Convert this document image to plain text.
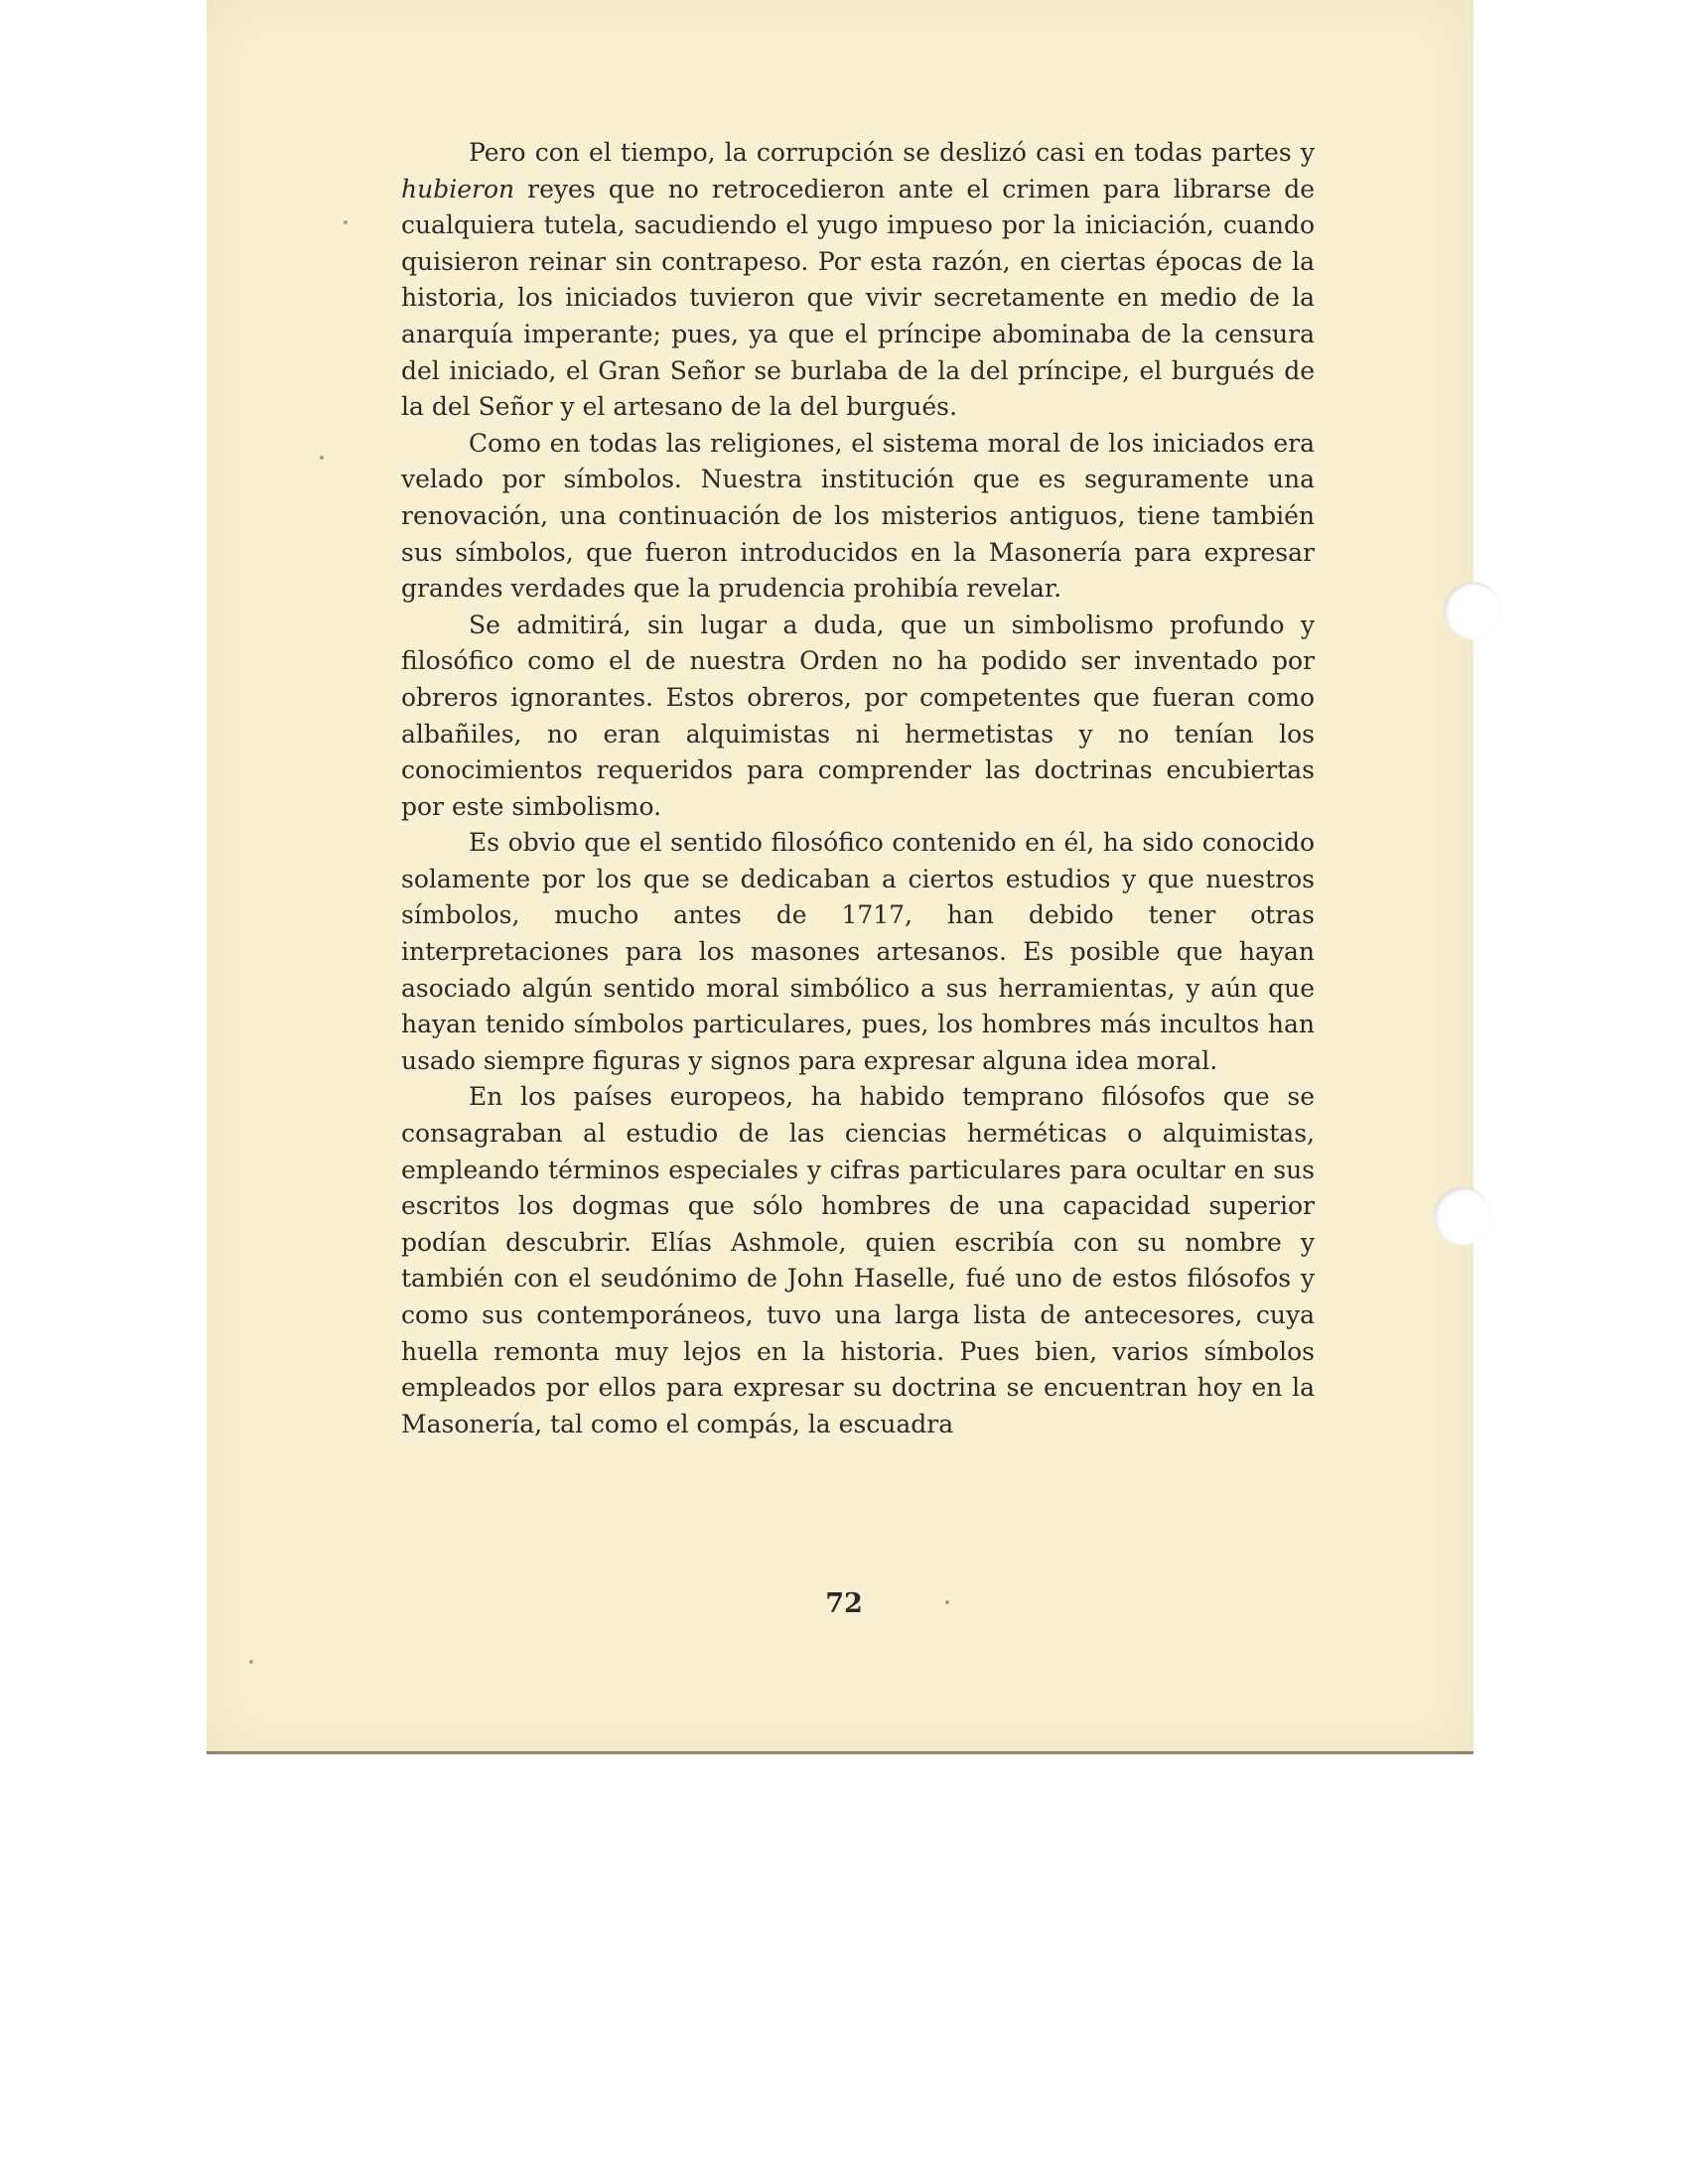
Pero con el tiempo, la corrupción se deslizó casi en todas partes y hubieron reyes que no retrocedieron ante el crimen para librarse de cualquiera tutela, sacudiendo el yugo impueso por la iniciación, cuando quisieron reinar sin contrapeso. Por esta razón, en ciertas épocas de la historia, los iniciados tuvieron que vivir secretamente en medio de la anarquía imperante; pues, ya que el príncipe abominaba de la censura del iniciado, el Gran Señor se burlaba de la del príncipe, el burgués de la del Señor y el artesano de la del burgués.

Como en todas las religiones, el sistema moral de los iniciados era velado por símbolos. Nuestra institución que es seguramente una renovación, una continuación de los misterios antiguos, tiene también sus símbolos, que fueron introducidos en la Masonería para expresar grandes verdades que la prudencia prohibía revelar.

Se admitirá, sin lugar a duda, que un simbolismo profundo y filosófico como el de nuestra Orden no ha podido ser inventado por obreros ignorantes. Estos obreros, por competentes que fueran como albañiles, no eran alquimistas ni hermetistas y no tenían los conocimientos requeridos para comprender las doctrinas encubiertas por este simbolismo.

Es obvio que el sentido filosófico contenido en él, ha sido conocido solamente por los que se dedicaban a ciertos estudios y que nuestros símbolos, mucho antes de 1717, han debido tener otras interpretaciones para los masones artesanos. Es posible que hayan asociado algún sentido moral simbólico a sus herramientas, y aún que hayan tenido símbolos particulares, pues, los hombres más incultos han usado siempre figuras y signos para expresar alguna idea moral.

En los países europeos, ha habido temprano filósofos que se consagraban al estudio de las ciencias herméticas o alquimistas, empleando términos especiales y cifras particulares para ocultar en sus escritos los dogmas que sólo hombres de una capacidad superior podían descubrir. Elías Ashmole, quien escribía con su nombre y también con el seudónimo de John Haselle, fué uno de estos filósofos y como sus contemporáneos, tuvo una larga lista de antecesores, cuya huella remonta muy lejos en la historia. Pues bien, varios símbolos empleados por ellos para expresar su doctrina se encuentran hoy en la Masonería, tal como el compás, la escuadra

72
